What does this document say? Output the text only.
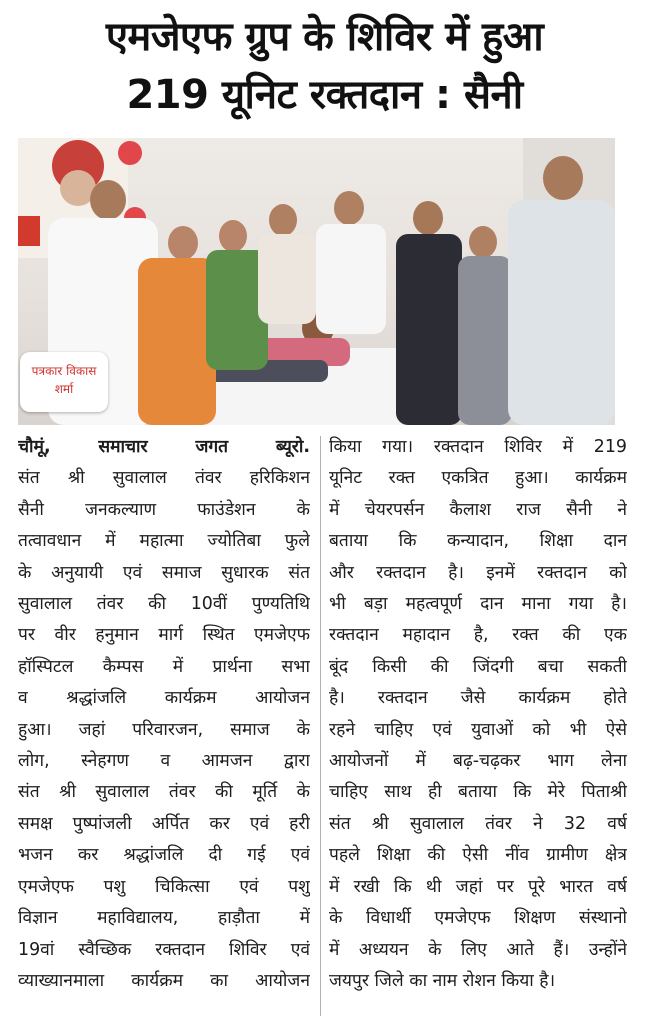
एमजेएफ ग्रुप के शिविर में हुआ
219 यूनिट रक्तदान : सैनी
पत्रकार विकास
शर्मा
चौमूं, समाचार जगत ब्यूरो.
संत श्री सुवालाल तंवर हरिकिशन
सैनी जनकल्याण फाउंडेशन के
तत्वावधान में महात्मा ज्योतिबा फुले
के अनुयायी एवं समाज सुधारक संत
सुवालाल तंवर की 10वीं पुण्यतिथि
पर वीर हनुमान मार्ग स्थित एमजेएफ
हॉस्पिटल कैम्पस में प्रार्थना सभा
व श्रद्धांजलि कार्यक्रम आयोजन
हुआ। जहां परिवारजन, समाज के
लोग, स्नेहगण व आमजन द्वारा
संत श्री सुवालाल तंवर की मूर्ति के
समक्ष पुष्पांजली अर्पित कर एवं हरी
भजन कर श्रद्धांजलि दी गई एवं
एमजेएफ पशु चिकित्सा एवं पशु
विज्ञान महाविद्यालय, हाड़ौता में
19वां स्वैच्छिक रक्तदान शिविर एवं
व्याख्यानमाला कार्यक्रम का आयोजन
किया गया। रक्तदान शिविर में 219
यूनिट रक्त एकत्रित हुआ। कार्यक्रम
में चेयरपर्सन कैलाश राज सैनी ने
बताया कि कन्यादान, शिक्षा दान
और रक्तदान है। इनमें रक्तदान को
भी बड़ा महत्वपूर्ण दान माना गया है।
रक्तदान महादान है, रक्त की एक
बूंद किसी की जिंदगी बचा सकती
है। रक्तदान जैसे कार्यक्रम होते
रहने चाहिए एवं युवाओं को भी ऐसे
आयोजनों में बढ़-चढ़कर भाग लेना
चाहिए साथ ही बताया कि मेरे पिताश्री
संत श्री सुवालाल तंवर ने 32 वर्ष
पहले शिक्षा की ऐसी नींव ग्रामीण क्षेत्र
में रखी कि थी जहां पर पूरे भारत वर्ष
के विधार्थी एमजेएफ शिक्षण संस्थानो
में अध्ययन के लिए आते हैं। उन्होंने
जयपुर जिले का नाम रोशन किया है।
